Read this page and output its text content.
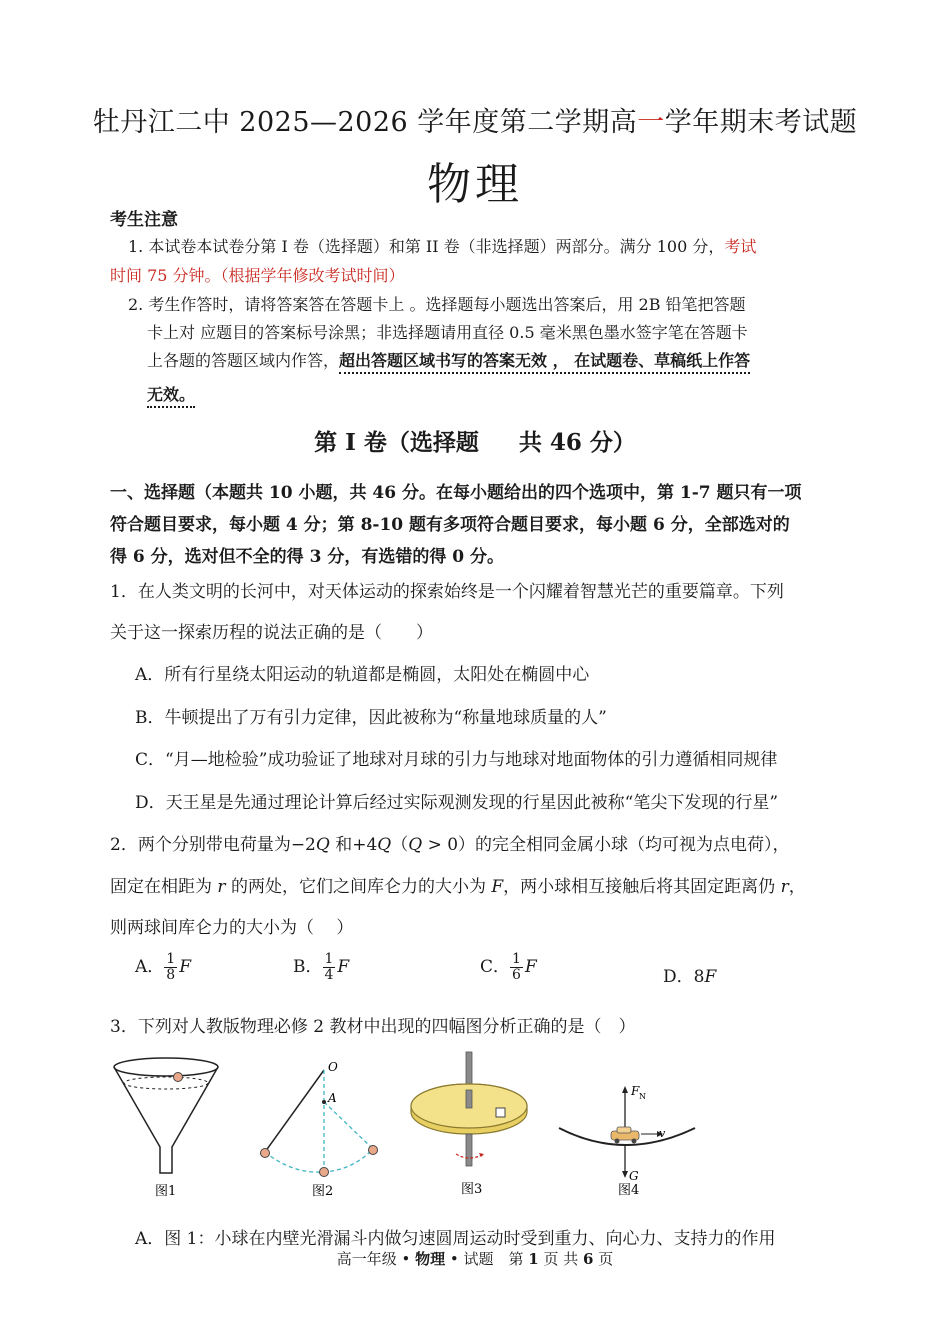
牡丹江二中 2025—2026 学年度第二学期高一学年期末考试题
物理
考生注意
1. 本试卷本试卷分第 I 卷（选择题）和第 II 卷（非选择题）两部分。满分 100 分，考试
时间 75 分钟。（根据学年修改考试时间）
2. 考生作答时，请将答案答在答题卡上 。选择题每小题选出答案后，用 2B 铅笔把答题
卡上对 应题目的答案标号涂黑；非选择题请用直径 0.5 毫米黑色墨水签字笔在答题卡
上各题的答题区域内作答，超出答题区域书写的答案无效 ， 在试题卷、草稿纸上作答
无效。
第 I 卷（选择题 共 46 分）
一、选择题（本题共 10 小题，共 46 分。在每小题给出的四个选项中，第 1-7 题只有一项
符合题目要求，每小题 4 分；第 8-10 题有多项符合题目要求，每小题 6 分，全部选对的
得 6 分，选对但不全的得 3 分，有选错的得 0 分。
1．在人类文明的长河中，对天体运动的探索始终是一个闪耀着智慧光芒的重要篇章。下列
关于这一探索历程的说法正确的是（　　）
A．所有行星绕太阳运动的轨道都是椭圆，太阳处在椭圆中心
B．牛顿提出了万有引力定律，因此被称为“称量地球质量的人”
C．“月—地检验”成功验证了地球对月球的引力与地球对地面物体的引力遵循相同规律
D．天王星是先通过理论计算后经过实际观测发现的行星因此被称“笔尖下发现的行星”
2．两个分别带电荷量为−2Q 和+4Q（Q > 0）的完全相同金属小球（均可视为点电荷），
固定在相距为 r 的两处，它们之间库仑力的大小为 F，两小球相互接触后将其固定距离仍 r，
则两球间库仑力的大小为（　 ）
A． $\frac{1}{8}$ F	B． $\frac{1}{4}$ F	C． $\frac{1}{6}$ F	D．8F
3．下列对人教版物理必修 2 教材中出现的四幅图分析正确的是（　）
图1
O
A
图2	图3
F N
v
G
图4
A．图 1：小球在内壁光滑漏斗内做匀速圆周运动时受到重力、向心力、支持力的作用
高一年级 • 物理 • 试题　第 1 页 共 6 页
